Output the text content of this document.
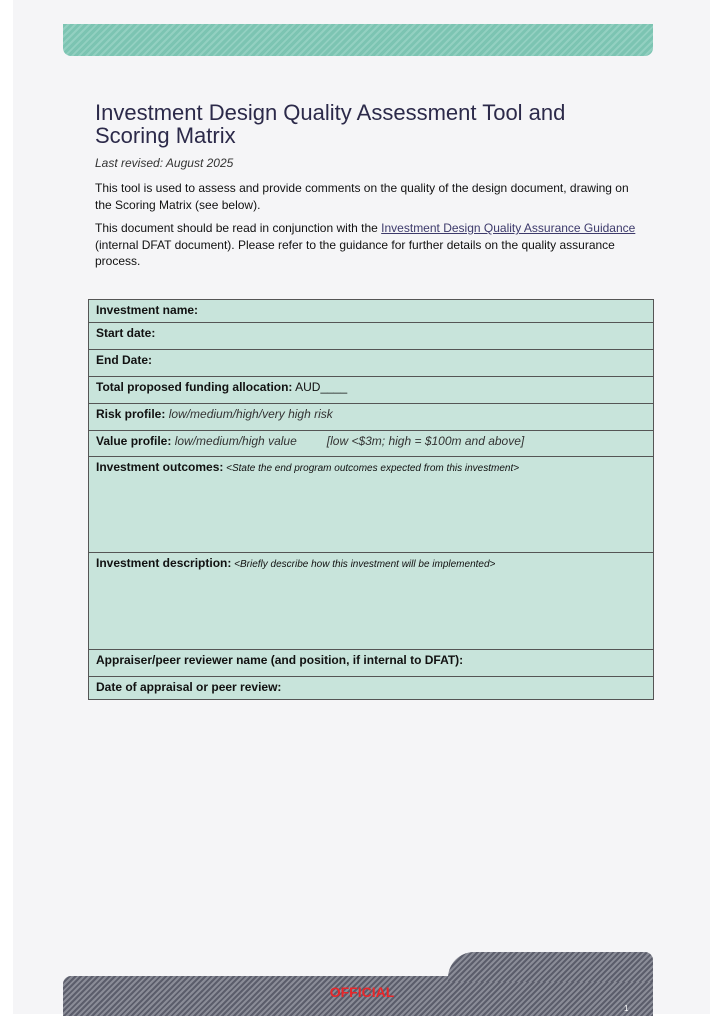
Investment Design Quality Assessment Tool and Scoring Matrix
Last revised: August 2025

This tool is used to assess and provide comments on the quality of the design document, drawing on the Scoring Matrix (see below).

This document should be read in conjunction with the Investment Design Quality Assurance Guidance (internal DFAT document). Please refer to the guidance for further details on the quality assurance process.

Investment name:
Start date:
End Date:
Total proposed funding allocation: AUD____
Risk profile: low/medium/high/very high risk
Value profile: low/medium/high value	[low <$3m; high = $100m and above]
Investment outcomes: <State the end program outcomes expected from this investment>
Investment description: <Briefly describe how this investment will be implemented>
Appraiser/peer reviewer name (and position, if internal to DFAT):
Date of appraisal or peer review:
OFFICIAL
1
